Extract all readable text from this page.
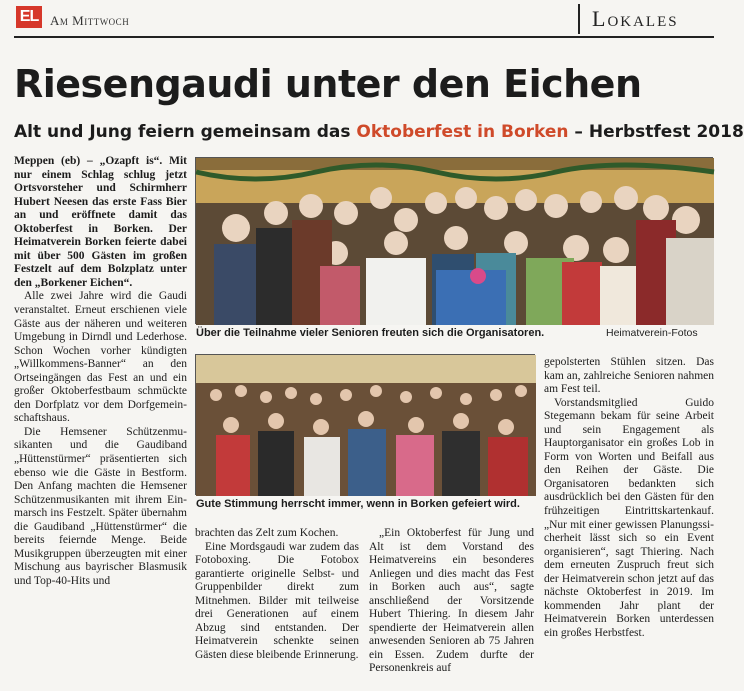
EL Am Mittwoch	Lokales
Riesengaudi unter den Eichen
Alt und Jung feiern gemeinsam das Oktoberfest in Borken – Herbstfest 2018

Meppen (eb) – „Ozapft is“. Mit nur einem Schlag schlug jetzt Ortsvorsteher und Schirmherr Hubert Neesen das erste Fass Bier an und eröffnete damit das Oktoberfest in Borken. Der Heimatverein Borken feierte dabei mit über 500 Gästen im großen Festzelt auf dem Bolzplatz unter den „Borkener Eichen“.

Alle zwei Jahre wird die Gaudi veranstaltet. Erneut erschienen viele Gäste aus der näheren und weiteren Umgebung in Dirndl und Lederhose. Schon Wochen vorher kündigten „Willkommens-Banner“ an den Ortseingängen das Fest an und ein großer Oktoberfestbaum schmückte den Dorfplatz vor dem Dorfgemeinschaftshaus.

Die Hemsener Schützenmusikanten und die Gaudiband „Hüttenstürmer“ präsentierten sich ebenso wie die Gäste in Bestform. Den Anfang machten die Hemsener Schützenmusikanten mit ihrem Einmarsch ins Festzelt. Später übernahm die Gaudiband „Hüttenstürmer“ die bereits feiernde Menge. Beide Musikgruppen überzeugten mit einer Mischung aus bayrischer Blasmusik und Top-40-Hits und

Über die Teilnahme vieler Senioren freuten sich die Organisatoren.	Heimatverein-Fotos
Gute Stimmung herrscht immer, wenn in Borken gefeiert wird.

brachten das Zelt zum Kochen.

Eine Mordsgaudi war zudem das Fotoboxing. Die Fotobox garantierte originelle Selbst- und Gruppenbilder direkt zum Mitnehmen. Bilder mit teilweise drei Generationen auf einem Abzug sind entstanden. Der Heimatverein schenkte seinen Gästen diese bleibende Erinnerung.

„Ein Oktoberfest für Jung und Alt ist dem Vorstand des Heimatvereins ein besonderes Anliegen und dies macht das Fest in Borken auch aus“, sagte anschließend der Vorsitzende Hubert Thiering. In diesem Jahr spendierte der Heimatverein allen anwesenden Senioren ab 75 Jahren ein Essen. Zudem durfte der Personenkreis auf

gepolsterten Stühlen sitzen. Das kam an, zahlreiche Senioren nahmen am Fest teil.

Vorstandsmitglied Guido Stegemann bekam für seine Arbeit und sein Engagement als Hauptorganisator ein großes Lob in Form von Worten und Beifall aus den Reihen der Gäste. Die Organisatoren bedankten sich ausdrücklich bei den Gästen für den frühzeitigen Eintrittskartenkauf. „Nur mit einer gewissen Planungssicherheit lässt sich so ein Event organisieren“, sagt Thiering. Nach dem erneuten Zuspruch freut sich der Heimatverein schon jetzt auf das nächste Oktoberfest in 2019. Im kommenden Jahr plant der Heimatverein Borken unterdessen ein großes Herbstfest.
